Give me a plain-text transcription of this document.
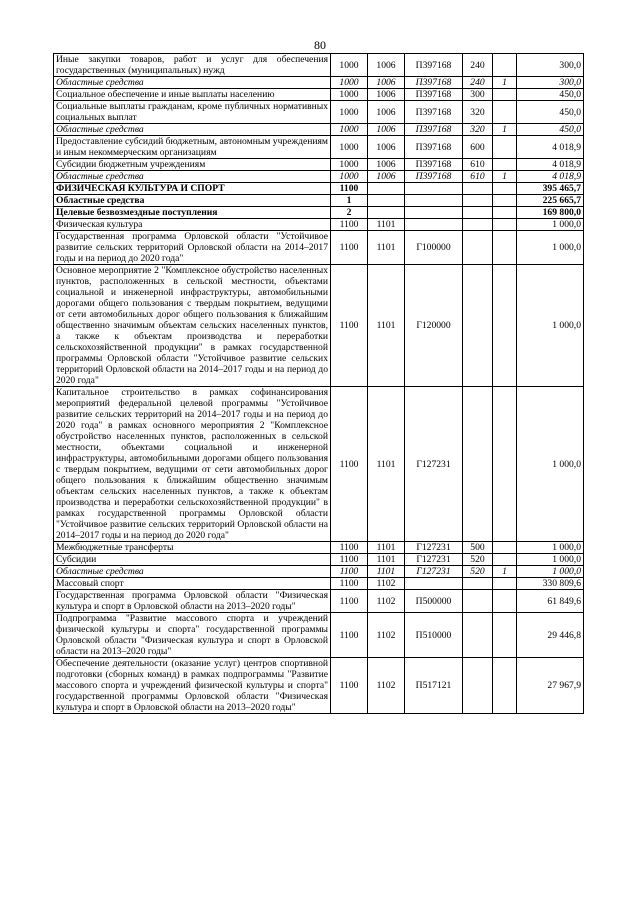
80
Иные закупки товаров, работ и услуг для обеспечения государственных (муниципальных) нужд	1000	1006	П397168	240		300,0
Областные средства	1000	1006	П397168	240	1	300,0
Социальное обеспечение и иные выплаты населению	1000	1006	П397168	300		450,0
Социальные выплаты гражданам, кроме публичных нормативных социальных выплат	1000	1006	П397168	320		450,0
Областные средства	1000	1006	П397168	320	1	450,0
Предоставление субсидий бюджетным, автономным учреждениям и иным некоммерческим организациям	1000	1006	П397168	600		4 018,9
Субсидии бюджетным учреждениям	1000	1006	П397168	610		4 018,9
Областные средства	1000	1006	П397168	610	1	4 018,9
ФИЗИЧЕСКАЯ КУЛЬТУРА И СПОРТ	1100					395 465,7
Областные средства	1					225 665,7
Целевые безвозмездные поступления	2					169 800,0
Физическая культура	1100	1101				1 000,0
Государственная программа Орловской области "Устойчивое развитие сельских территорий Орловской области на 2014–2017 годы и на период до 2020 года"	1100	1101	Г100000			1 000,0
Основное мероприятие 2 "Комплексное обустройство населенных пунктов, расположенных в сельской местности, объектами социальной и инженерной инфраструктуры, автомобильными дорогами общего пользования с твердым покрытием, ведущими от сети автомобильных дорог общего пользования к ближайшим общественно значимым объектам сельских населенных пунктов, а также к объектам производства и переработки сельскохозяйственной продукции" в рамках государственной программы Орловской области "Устойчивое развитие сельских территорий Орловской области на 2014–2017 годы и на период до 2020 года"	1100	1101	Г120000			1 000,0
Капитальное строительство в рамках софинансирования мероприятий федеральной целевой программы "Устойчивое развитие сельских территорий на 2014–2017 годы и на период до 2020 года" в рамках основного мероприятия 2 "Комплексное обустройство населенных пунктов, расположенных в сельской местности, объектами социальной и инженерной инфраструктуры, автомобильными дорогами общего пользования с твердым покрытием, ведущими от сети автомобильных дорог общего пользования к ближайшим общественно значимым объектам сельских населенных пунктов, а также к объектам производства и переработки сельскохозяйственной продукции" в рамках государственной программы Орловской области "Устойчивое развитие сельских территорий Орловской области на 2014–2017 годы и на период до 2020 года"	1100	1101	Г127231			1 000,0
Межбюджетные трансферты	1100	1101	Г127231	500		1 000,0
Субсидии	1100	1101	Г127231	520		1 000,0
Областные средства	1100	1101	Г127231	520	1	1 000,0
Массовый спорт	1100	1102				330 809,6
Государственная программа Орловской области "Физическая культура и спорт в Орловской области на 2013–2020 годы"	1100	1102	П500000			61 849,6
Подпрограмма "Развитие массового спорта и учреждений физической культуры и спорта" государственной программы Орловской области "Физическая культура и спорт в Орловской области на 2013–2020 годы"	1100	1102	П510000			29 446,8
Обеспечение деятельности (оказание услуг) центров спортивной подготовки (сборных команд) в рамках подпрограммы "Развитие массового спорта и учреждений физической культуры и спорта" государственной программы Орловской области "Физическая культура и спорт в Орловской области на 2013–2020 годы"	1100	1102	П517121			27 967,9
